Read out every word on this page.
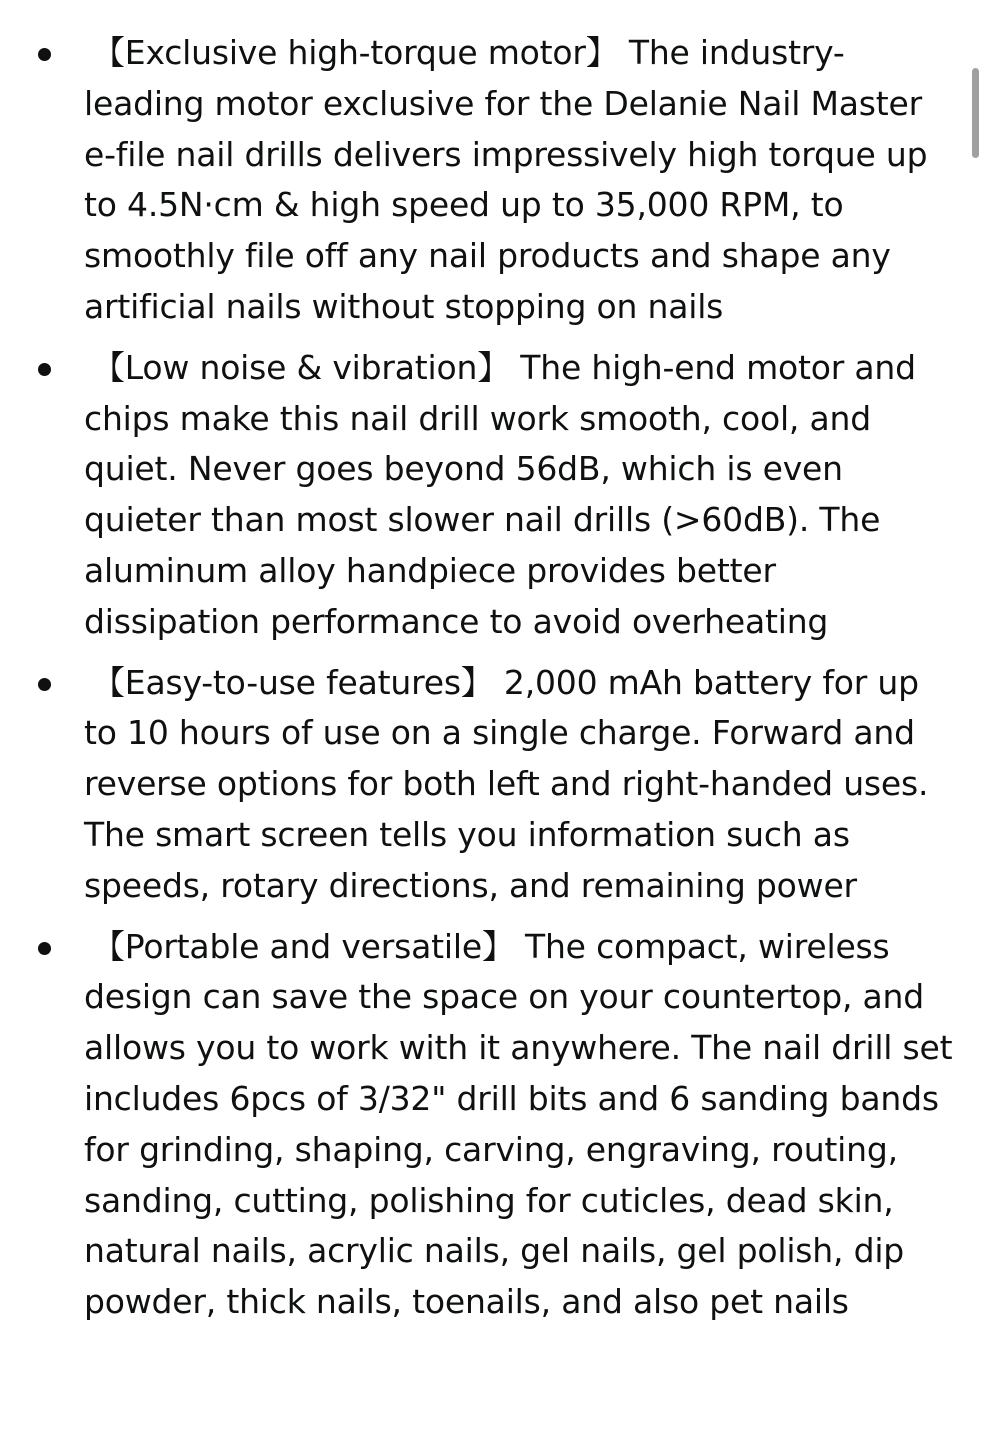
【Exclusive high-torque motor】 The industry-leading motor exclusive for the Delanie Nail Master e-file nail drills delivers impressively high torque up to 4.5N·cm & high speed up to 35,000 RPM, to smoothly file off any nail products and shape any artificial nails without stopping on nails
【Low noise & vibration】 The high-end motor and chips make this nail drill work smooth, cool, and quiet. Never goes beyond 56dB, which is even quieter than most slower nail drills (>60dB). The aluminum alloy handpiece provides better dissipation performance to avoid overheating
【Easy-to-use features】 2,000 mAh battery for up to 10 hours of use on a single charge. Forward and reverse options for both left and right-handed uses. The smart screen tells you information such as speeds, rotary directions, and remaining power
【Portable and versatile】 The compact, wireless design can save the space on your countertop, and allows you to work with it anywhere. The nail drill set includes 6pcs of 3/32" drill bits and 6 sanding bands for grinding, shaping, carving, engraving, routing, sanding, cutting, polishing for cuticles, dead skin, natural nails, acrylic nails, gel nails, gel polish, dip powder, thick nails, toenails, and also pet nails
